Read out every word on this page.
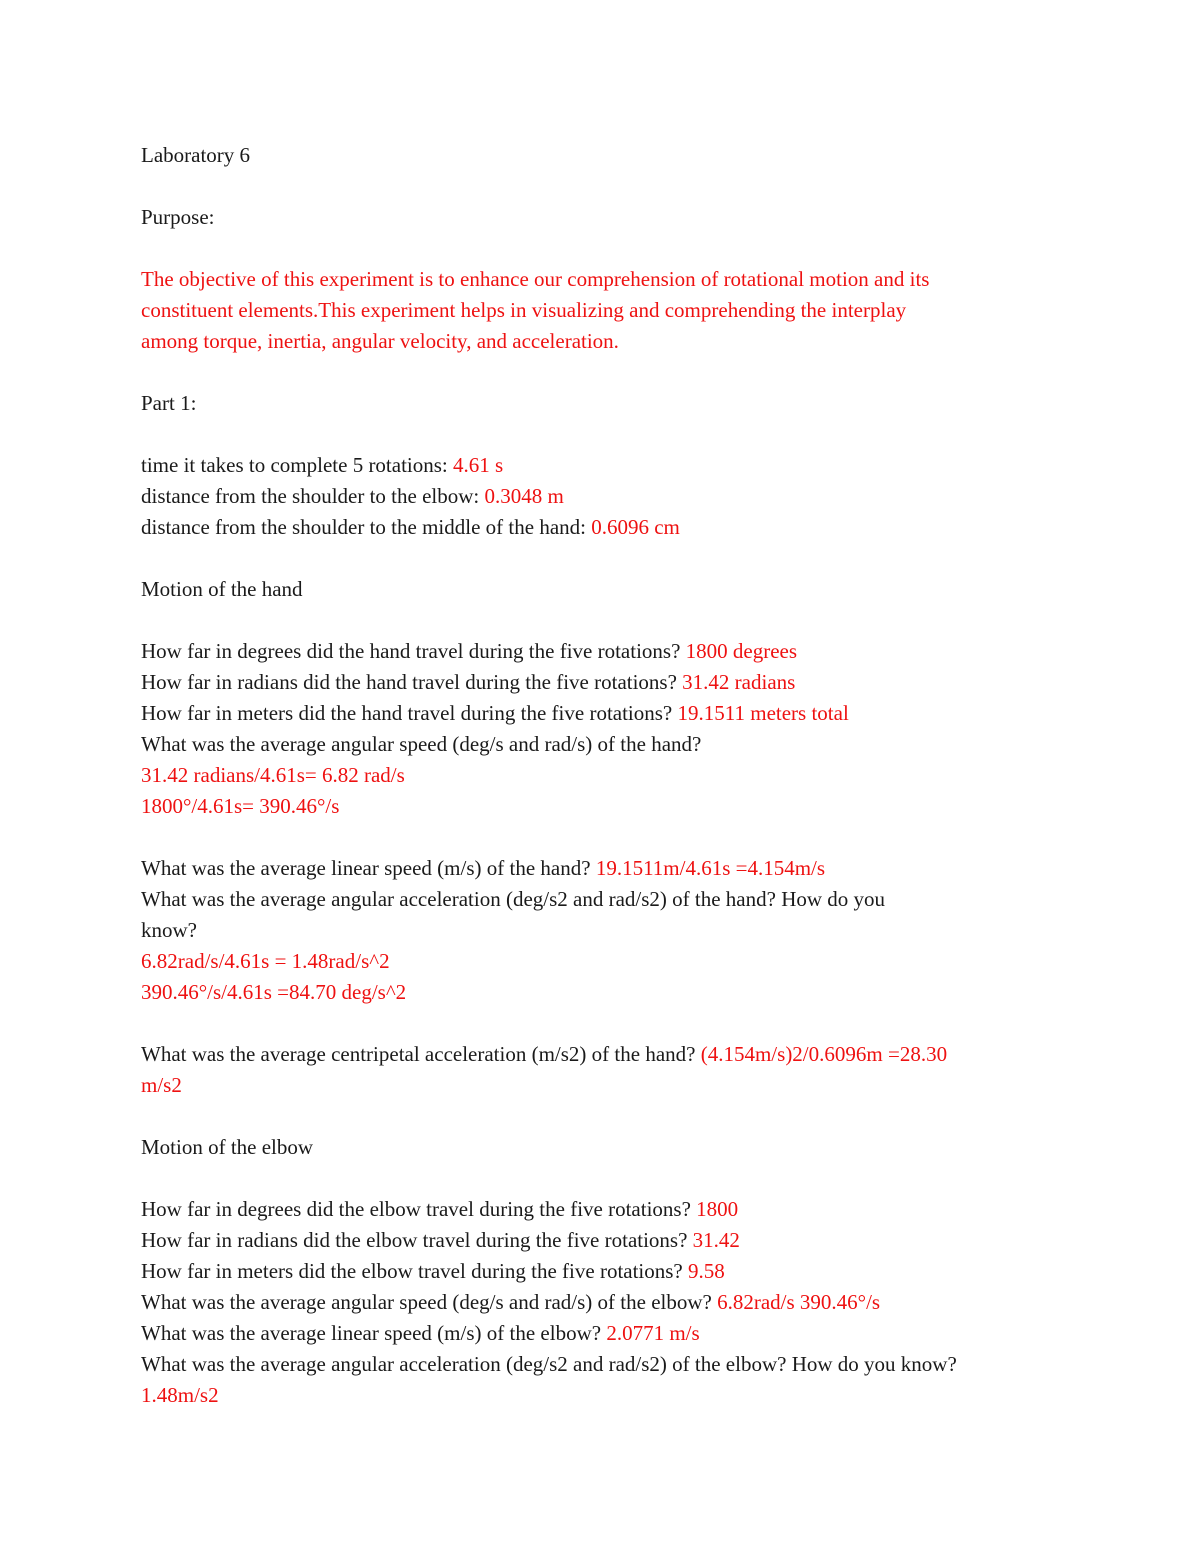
Laboratory 6
Purpose:
The objective of this experiment is to enhance our comprehension of rotational motion and its
constituent elements.This experiment helps in visualizing and comprehending the interplay
among torque, inertia, angular velocity, and acceleration.
Part 1:
time it takes to complete 5 rotations: 4.61 s
distance from the shoulder to the elbow: 0.3048 m
distance from the shoulder to the middle of the hand: 0.6096 cm
Motion of the hand
How far in degrees did the hand travel during the five rotations? 1800 degrees
How far in radians did the hand travel during the five rotations? 31.42 radians
How far in meters did the hand travel during the five rotations? 19.1511 meters total
What was the average angular speed (deg/s and rad/s) of the hand?
31.42 radians/4.61s= 6.82 rad/s
1800°/4.61s= 390.46°/s
What was the average linear speed (m/s) of the hand? 19.1511m/4.61s =4.154m/s
What was the average angular acceleration (deg/s2 and rad/s2) of the hand? How do you
know?
6.82rad/s/4.61s = 1.48rad/s^2
390.46°/s/4.61s =84.70 deg/s^2
What was the average centripetal acceleration (m/s2) of the hand? (4.154m/s)2/0.6096m =28.30
m/s2
Motion of the elbow
How far in degrees did the elbow travel during the five rotations? 1800
How far in radians did the elbow travel during the five rotations? 31.42
How far in meters did the elbow travel during the five rotations? 9.58
What was the average angular speed (deg/s and rad/s) of the elbow? 6.82rad/s 390.46°/s
What was the average linear speed (m/s) of the elbow? 2.0771 m/s
What was the average angular acceleration (deg/s2 and rad/s2) of the elbow? How do you know?
1.48m/s2
